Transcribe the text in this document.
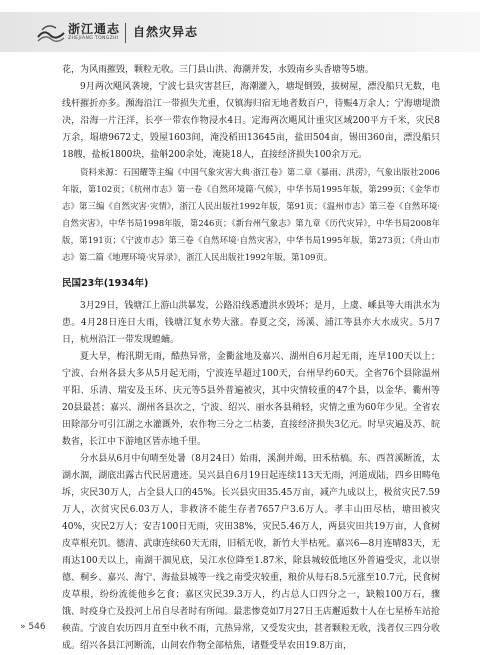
浙江通志
ZHEJIANG TONGZHI 自然灾异志

花，为风雨摧毁，颗粒无收。三门县山洪、海潮并发，水毁南乡头香塘等5塘。

9月两次飓风袭境，宁波七县灾害甚巨，海潮灌入，塘堤倒毁，拔树屋，漂没船只无数，电线杆摧折亦多。瀕海沿江一带损失尤重，仅镇海归宿无地者数百户，待赈4万余人；宁海塘堤溃决，沿海一片汪洋，长亭一带农作物浸水4日。定海两次飓风计重灾区域200平方千米，灾民8万余，塌塘9672丈，毁屋1603间，淹没稻田13645亩，盐田504亩，锡田360亩，漂没船只18艘，盐板1800块，盐斛200余处，淹毙18人，直接经济损失100余万元。

资料来源：石国耀等主编《中国气象灾害大典·浙江卷》第二章《暴雨、洪涝》，气象出版社2006年版，第102页；《杭州市志》第一卷《自然环境篇·气候》，中华书局1995年版，第299页；《金华市志》第三编《自然灾害·灾情》，浙江人民出版社1992年版，第91页；《温州市志》第三卷《自然环境·自然灾害》，中华书局1998年版，第246页；《新台州气象志》第九章《历代灾异》，中华书局2008年版，第191页；《宁波市志》第三卷《自然环境·自然灾害》，中华书局1995年版，第273页；《舟山市志》第二篇《地理环境·灾异录》，浙江人民出版社1992年版，第109页。

民国23年(1934年)

3月29日，钱塘江上游山洪暴发，公路沿线悉遭洪水毁坏；是月，上虞、嵊县等大雨洪水为患。4月28日连日大雨，钱塘江复水势大涨。春夏之交，汤溪、浦江等县亦大水成灾。5月7日，杭州沿江一带发现蝗蝻。

夏大旱，梅汛期无雨，酷热异常，金衢盆地及嘉兴、湖州自6月起无雨，连旱100天以上；宁波、台州各县大多从5月起无雨，宁波连旱超过100天，台州旱约60天。全省76个县除温州平阳、乐清、瑞安及玉环、庆元等5县外普遍被灾，其中灾情较重的47个县，以金华、衢州等20县最甚；嘉兴、湖州各县次之，宁波、绍兴、丽水各县稍轻，灾情之重为60年少见。全省农田除部分可引江湖之水灌溉外，农作物三分之二枯萎，直接经济损失3亿元。时旱灾遍及苏、皖数省，长江中下游地区皆赤地千里。

分水县从6月中旬晴至处暑（8月24日）始雨，溪涧并竭，田禾枯槁。东、西苕溪断流，太湖水涸，湖底出露古代民居遗迹。吴兴县自6月19日起连续113天无雨，河道成陆，四乡田畴龟坼，灾民30万人，占全县人口的45%。长兴县灾田35.45万亩，减产九成以上，极贫灾民7.59万人，次贫灾民6.03万人，非救济不能生存者7657户3.6万人。孝丰山田尽枯，塘田被灾40%，灾民2万人；安吉100日无雨，灾田38%，灾民5.46万人，两县灾田共19万亩，人食树皮草根充饥。德清、武康连续60天无雨，旧稻无收，新竹大半枯死。嘉兴6—8月连晴83天，无雨达100天以上，南湖干涸见底，吴江水位降至1.87米，除县城较低地区外普遍受灾，北以崇德、桐乡、嘉兴、海宁、海盐县城等一线之南受灾较重，粮价从每石8.5元涨至10.7元，民食树皮草根，纷纷流徙他乡乞食；嘉区灾民39.3万人，约占总人口四分之一，缺粮100万石，骤饿、时疫身亡及投河上吊自尽者时有所闻。最悲惨竟如7月27日王店邂逅数十人在七星桥车站抢秧苗。宁波自农历四月直至中秋不雨，亢热异常，又受发灾虫，甚者颗粒无收，浅者仅三四分收成。绍兴各县江河断流，山间农作物全部枯焦，诸暨受旱农田19.8万亩，

» 546
